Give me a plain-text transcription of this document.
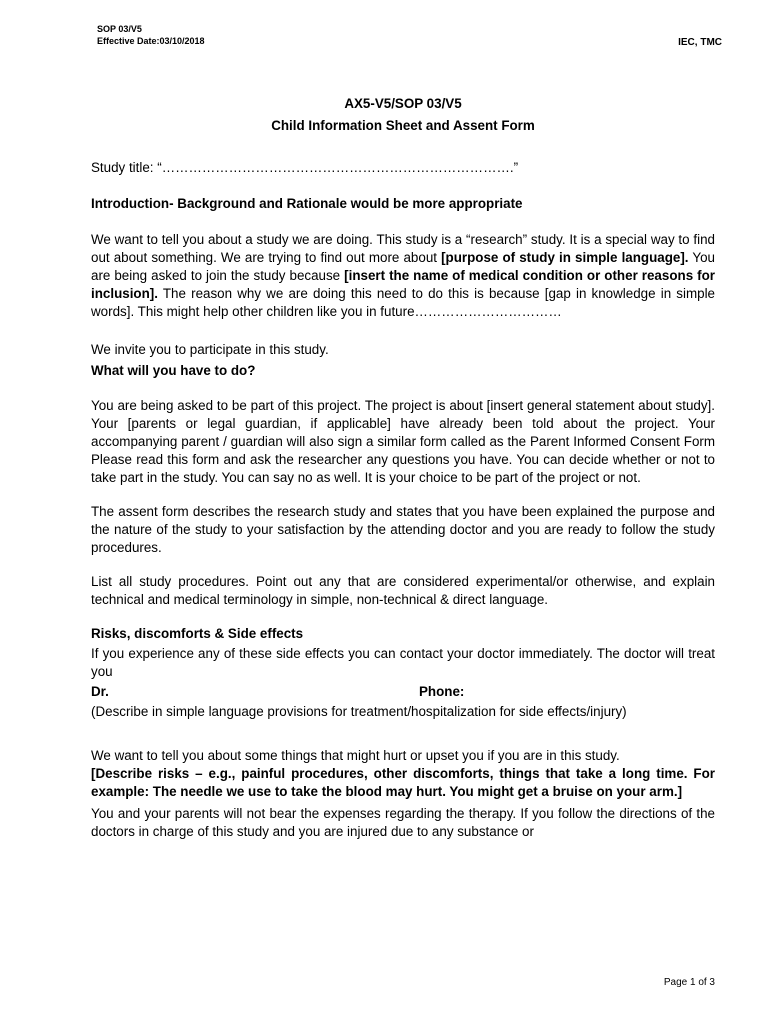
SOP 03/V5
Effective Date:03/10/2018	IEC, TMC
AX5-V5/SOP 03/V5
Child Information Sheet and Assent Form

Study title: “…………………………………………………………………….”

Introduction- Background and Rationale would be more appropriate

We want to tell you about a study we are doing. This study is a “research” study. It is a special way to find out about something. We are trying to find out more about [purpose of study in simple language]. You are being asked to join the study because [insert the name of medical condition or other reasons for inclusion]. The reason why we are doing this need to do this is because [gap in knowledge in simple words]. This might help other children like you in future……………………………

We invite you to participate in this study.

What will you have to do?

You are being asked to be part of this project. The project is about [insert general statement about study]. Your [parents or legal guardian, if applicable] have already been told about the project. Your accompanying parent / guardian will also sign a similar form called as the Parent Informed Consent Form Please read this form and ask the researcher any questions you have. You can decide whether or not to take part in the study. You can say no as well. It is your choice to be part of the project or not.

The assent form describes the research study and states that you have been explained the purpose and the nature of the study to your satisfaction by the attending doctor and you are ready to follow the study procedures.

List all study procedures. Point out any that are considered experimental/or otherwise, and explain technical and medical terminology in simple, non-technical & direct language.

Risks, discomforts & Side effects

If you experience any of these side effects you can contact your doctor immediately. The doctor will treat you

Dr.	Phone:

(Describe in simple language provisions for treatment/hospitalization for side effects/injury)

We want to tell you about some things that might hurt or upset you if you are in this study.

[Describe risks – e.g., painful procedures, other discomforts, things that take a long time. For example: The needle we use to take the blood may hurt. You might get a bruise on your arm.]

You and your parents will not bear the expenses regarding the therapy. If you follow the directions of the doctors in charge of this study and you are injured due to any substance or

Page 1 of 3
